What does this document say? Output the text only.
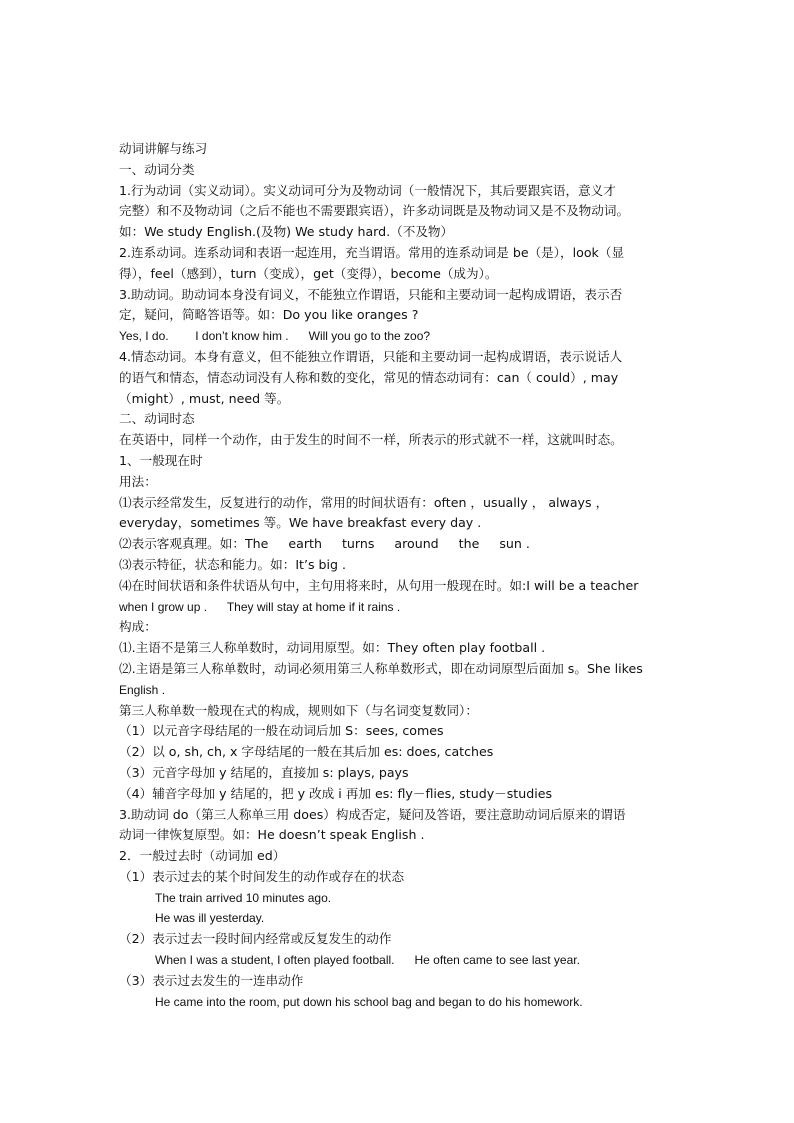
动词讲解与练习
一、动词分类
1.行为动词（实义动词）。实义动词可分为及物动词（一般情况下，其后要跟宾语，意义才
完整）和不及物动词（之后不能也不需要跟宾语），许多动词既是及物动词又是不及物动词。
如：We study English.(及物) We study hard.（不及物）
2.连系动词。连系动词和表语一起连用，充当谓语。常用的连系动词是 be（是），look（显
得），feel（感到），turn（变成），get（变得），become（成为）。
3.助动词。助动词本身没有词义，不能独立作谓语，只能和主要动词一起构成谓语，表示否
定，疑问，简略答语等。如：Do you like oranges ?
Yes, I do.        I don’t know him .      Will you go to the zoo?
4.情态动词。本身有意义，但不能独立作谓语，只能和主要动词一起构成谓语，表示说话人
的语气和情态，情态动词没有人称和数的变化，常见的情态动词有：can（ could）, may
（might）, must, need 等。
二、动词时态
在英语中，同样一个动作，由于发生的时间不一样，所表示的形式就不一样，这就叫时态。
1、一般现在时
用法：
⑴表示经常发生，反复进行的动作，常用的时间状语有：often ，usually ， always ，
everyday，sometimes 等。We have breakfast every day .
⑵表示客观真理。如：The     earth     turns     around     the     sun .
⑶表示特征，状态和能力。如：It’s big .
⑷在时间状语和条件状语从句中，主句用将来时，从句用一般现在时。如:I will be a teacher
when I grow up .      They will stay at home if it rains .
构成：
⑴.主语不是第三人称单数时，动词用原型。如：They often play football .
⑵.主语是第三人称单数时，动词必须用第三人称单数形式，即在动词原型后面加 s。She likes
English .
第三人称单数一般现在式的构成，规则如下（与名词变复数同）：
（1）以元音字母结尾的一般在动词后加 S：sees, comes
（2）以 o, sh, ch, x 字母结尾的一般在其后加 es: does, catches
（3）元音字母加 y 结尾的，直接加 s: plays, pays
（4）辅音字母加 y 结尾的，把 y 改成 i 再加 es: fly－flies, study－studies
3.助动词 do（第三人称单三用 does）构成否定，疑问及答语，要注意助动词后原来的谓语
动词一律恢复原型。如：He doesn’t speak English .
2．一般过去时（动词加 ed）
（1）表示过去的某个时间发生的动作或存在的状态
The train arrived 10 minutes ago.
He was ill yesterday.
（2）表示过去一段时间内经常或反复发生的动作
When I was a student, I often played football.      He often came to see last year.
（3）表示过去发生的一连串动作
He came into the room, put down his school bag and began to do his homework.
